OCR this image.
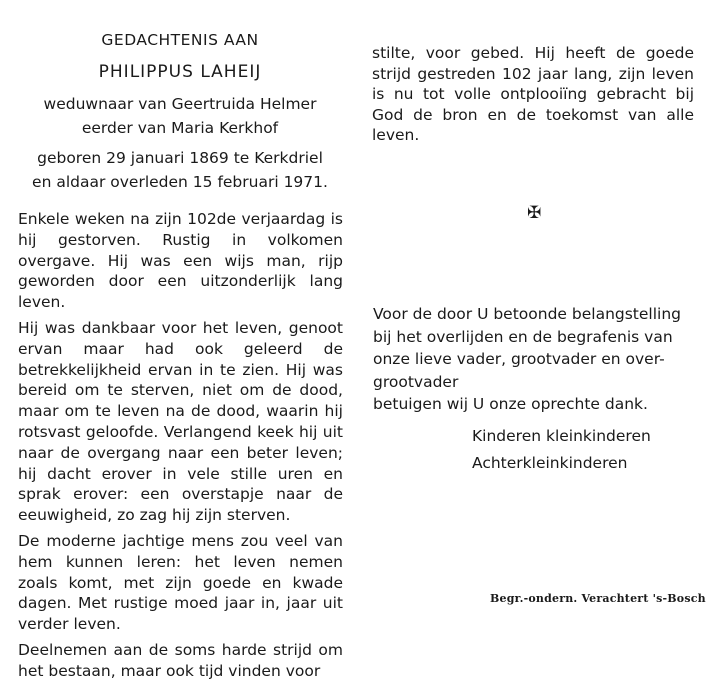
GEDACHTENIS AAN
PHILIPPUS LAHEIJ
weduwnaar van Geertruida Helmer
eerder van Maria Kerkhof
geboren 29 januari 1869 te Kerkdriel
en aldaar overleden 15 februari 1971.

Enkele weken na zijn 102de verjaardag is hij gestorven. Rustig in volkomen overgave. Hij was een wijs man, rijp geworden door een uitzonderlijk lang leven.

Hij was dankbaar voor het leven, genoot ervan maar had ook geleerd de betrekkelijkheid ervan in te zien. Hij was bereid om te sterven, niet om de dood, maar om te leven na de dood, waarin hij rotsvast geloofde. Verlangend keek hij uit naar de overgang naar een beter leven; hij dacht erover in vele stille uren en sprak erover: een overstapje naar de eeuwigheid, zo zag hij zijn sterven.

De moderne jachtige mens zou veel van hem kunnen leren: het leven nemen zoals komt, met zijn goede en kwade dagen. Met rustige moed jaar in, jaar uit verder leven.

Deelnemen aan de soms harde strijd om het bestaan, maar ook tijd vinden voor

stilte, voor gebed. Hij heeft de goede strijd gestreden 102 jaar lang, zijn leven is nu tot volle ontplooiïng gebracht bij God de bron en de toekomst van alle leven.

✠
Voor de door U betoonde belangstelling
bij het overlijden en de begrafenis van
onze lieve vader, grootvader en over-
grootvader
betuigen wij U onze oprechte dank.
Kinderen kleinkinderen
Achterkleinkinderen
Begr.-ondern. Verachtert 's-Bosch
